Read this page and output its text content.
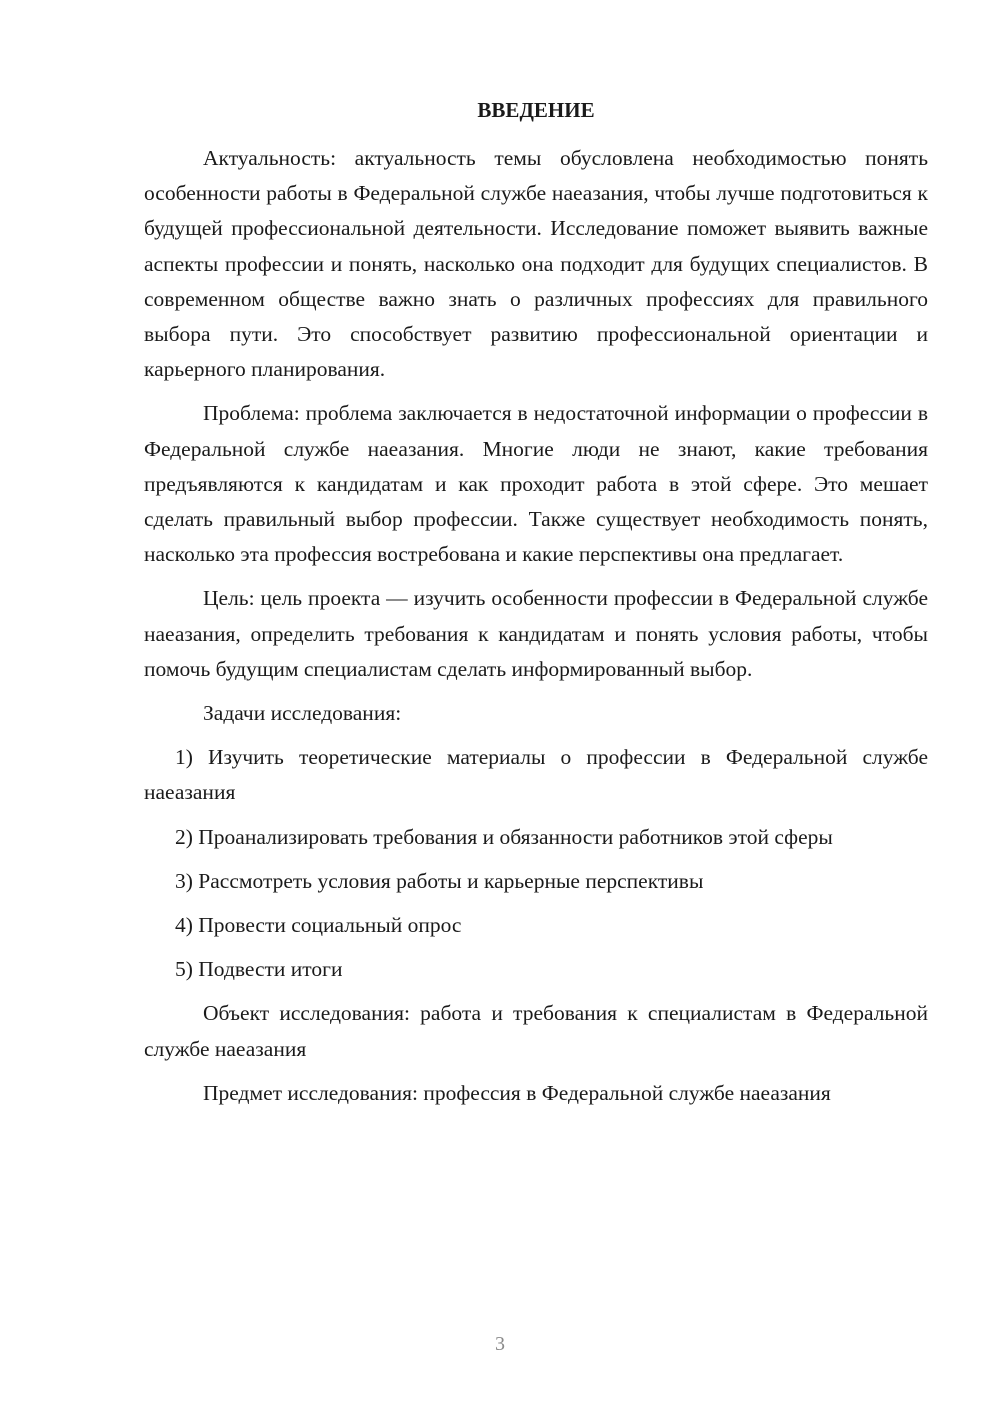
ВВЕДЕНИЕ

Актуальность: актуальность темы обусловлена необходимостью понять особенности работы в Федеральной службе наеазания, чтобы лучше подготовиться к будущей профессиональной деятельности. Исследование поможет выявить важные аспекты профессии и понять, насколько она подходит для будущих специалистов. В современном обществе важно знать о различных профессиях для правильного выбора пути. Это способствует развитию профессиональной ориентации и карьерного планирования.

Проблема: проблема заключается в недостаточной информации о профессии в Федеральной службе наеазания. Многие люди не знают, какие требования предъявляются к кандидатам и как проходит работа в этой сфере. Это мешает сделать правильный выбор профессии. Также существует необходимость понять, насколько эта профессия востребована и какие перспективы она предлагает.

Цель: цель проекта — изучить особенности профессии в Федеральной службе наеазания, определить требования к кандидатам и понять условия работы, чтобы помочь будущим специалистам сделать информированный выбор.

Задачи исследования:

1) Изучить теоретические материалы о профессии в Федеральной службе наеазания

2) Проанализировать требования и обязанности работников этой сферы

3) Рассмотреть условия работы и карьерные перспективы

4) Провести социальный опрос

5) Подвести итоги

Объект исследования: работа и требования к специалистам в Федеральной службе наеазания

Предмет исследования: профессия в Федеральной службе наеазания

3
